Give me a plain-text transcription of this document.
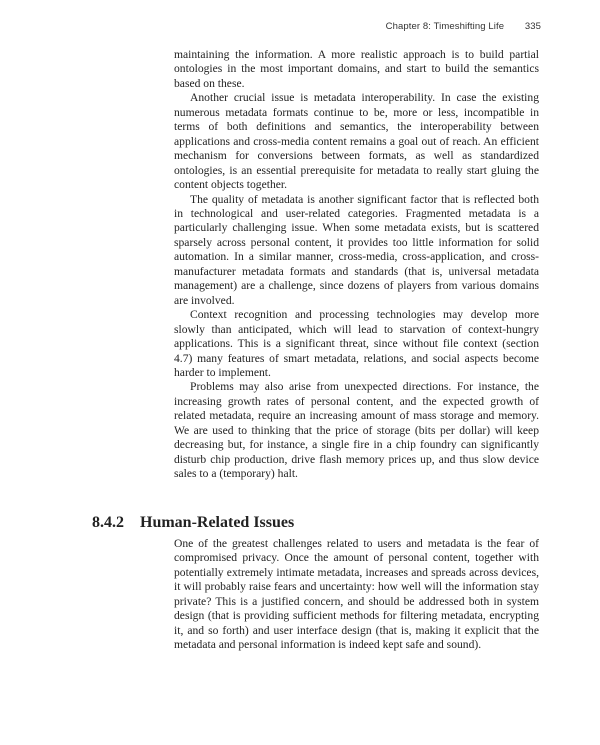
Chapter 8: Timeshifting Life 335

maintaining the information. A more realistic approach is to build partial ontologies in the most important domains, and start to build the semantics based on these.

Another crucial issue is metadata interoperability. In case the existing numerous metadata formats continue to be, more or less, incompatible in terms of both definitions and semantics, the interoperability between applications and cross-media content remains a goal out of reach. An efficient mechanism for conversions between formats, as well as standardized ontologies, is an essential prerequisite for metadata to really start gluing the content objects together.

The quality of metadata is another significant factor that is reflected both in technological and user-related categories. Fragmented metadata is a particularly challenging issue. When some metadata exists, but is scattered sparsely across personal content, it provides too little information for solid automation. In a similar manner, cross-media, cross-application, and cross-manufacturer metadata formats and standards (that is, universal metadata management) are a challenge, since dozens of players from various domains are involved.

Context recognition and processing technologies may develop more slowly than anticipated, which will lead to starvation of context-hungry applications. This is a significant threat, since without file context (section 4.7) many features of smart metadata, relations, and social aspects become harder to implement.

Problems may also arise from unexpected directions. For instance, the increasing growth rates of personal content, and the expected growth of related metadata, require an increasing amount of mass storage and memory. We are used to thinking that the price of storage (bits per dollar) will keep decreasing but, for instance, a single fire in a chip foundry can significantly disturb chip production, drive flash memory prices up, and thus slow device sales to a (temporary) halt.

8.4.2 Human-Related Issues

One of the greatest challenges related to users and metadata is the fear of compromised privacy. Once the amount of personal content, together with potentially extremely intimate metadata, increases and spreads across devices, it will probably raise fears and uncertainty: how well will the information stay private? This is a justified concern, and should be addressed both in system design (that is providing sufficient methods for filtering metadata, encrypting it, and so forth) and user interface design (that is, making it explicit that the metadata and personal information is indeed kept safe and sound).
